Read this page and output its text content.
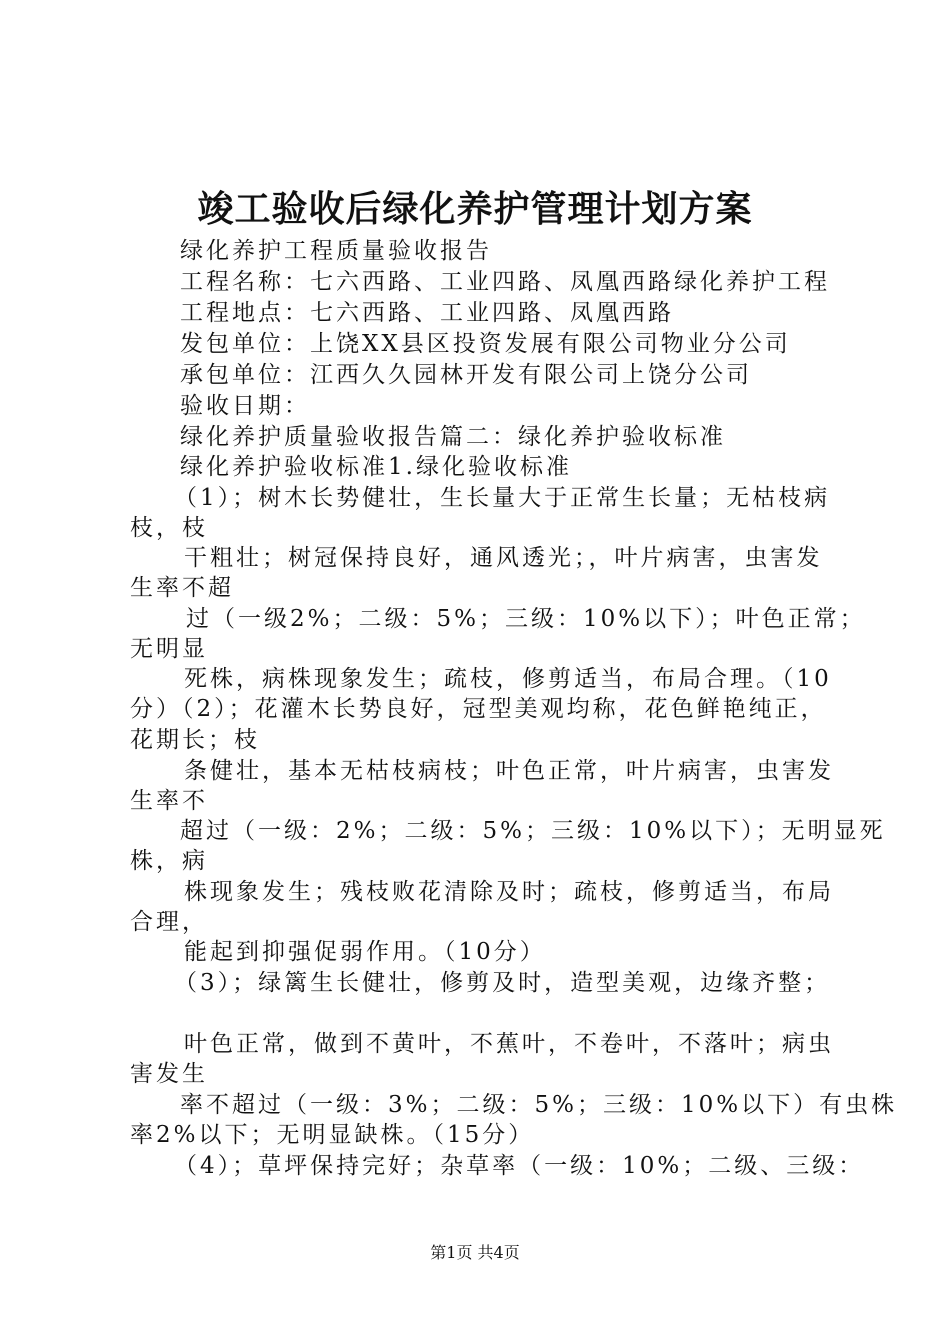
竣工验收后绿化养护管理计划方案
绿化养护工程质量验收报告
工程名称：七六西路、工业四路、凤凰西路绿化养护工程
工程地点：七六西路、工业四路、凤凰西路
发包单位：上饶XX县区投资发展有限公司物业分公司
承包单位：江西久久园林开发有限公司上饶分公司
验收日期：
绿化养护质量验收报告篇二：绿化养护验收标准
绿化养护验收标准1.绿化验收标准
（1）；树木长势健壮，生长量大于正常生长量；无枯枝病
枝，枝
干粗壮；树冠保持良好，通风透光；，叶片病害，虫害发
生率不超
过（一级2%；二级：5%；三级：10%以下）；叶色正常；
无明显
死株，病株现象发生；疏枝，修剪适当，布局合理。（10
分）（2）；花灌木长势良好，冠型美观均称，花色鲜艳纯正，
花期长；枝
条健壮，基本无枯枝病枝；叶色正常，叶片病害，虫害发
生率不
超过（一级：2%；二级：5%；三级：10%以下）；无明显死
株，病
株现象发生；残枝败花清除及时；疏枝，修剪适当，布局
合理，
能起到抑强促弱作用。（10分）
（3）；绿篱生长健壮，修剪及时，造型美观，边缘齐整；
叶色正常，做到不黄叶，不蕉叶，不卷叶，不落叶；病虫
害发生
率不超过（一级：3%；二级：5%；三级：10%以下）有虫株
率2%以下；无明显缺株。（15分）
（4）；草坪保持完好；杂草率（一级：10%；二级、三级：
第1页 共4页
